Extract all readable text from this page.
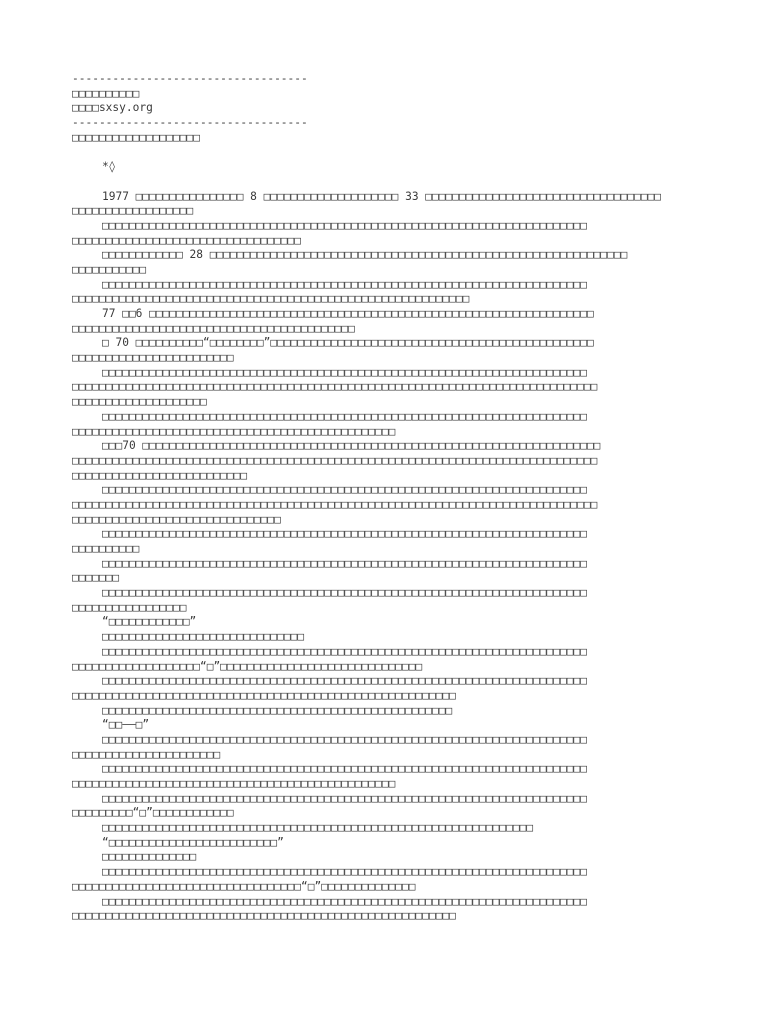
-----------------------------------
□□□□□□□□□□
□□□□sxsy.org
-----------------------------------
□□□□□□□□□□□□□□□□□□□
*◊
1977 □□□□□□□□□□□□□□□□ 8 □□□□□□□□□□□□□□□□□□□□ 33 □□□□□□□□□□□□□□□□□□□□□□□□□□□□□□□□□□□
□□□□□□□□□□□□□□□□□□
□□□□□□□□□□□□□□□□□□□□□□□□□□□□□□□□□□□□□□□□□□□□□□□□□□□□□□□□□□□□□□□□□□□□□□□□
□□□□□□□□□□□□□□□□□□□□□□□□□□□□□□□□□□
□□□□□□□□□□□□ 28 □□□□□□□□□□□□□□□□□□□□□□□□□□□□□□□□□□□□□□□□□□□□□□□□□□□□□□□□□□□□□□
□□□□□□□□□□□
□□□□□□□□□□□□□□□□□□□□□□□□□□□□□□□□□□□□□□□□□□□□□□□□□□□□□□□□□□□□□□□□□□□□□□□□
□□□□□□□□□□□□□□□□□□□□□□□□□□□□□□□□□□□□□□□□□□□□□□□□□□□□□□□□□□□
77 □□6 □□□□□□□□□□□□□□□□□□□□□□□□□□□□□□□□□□□□□□□□□□□□□□□□□□□□□□□□□□□□□□□□□□
□□□□□□□□□□□□□□□□□□□□□□□□□□□□□□□□□□□□□□□□□□
□ 70 □□□□□□□□□□“□□□□□□□□”□□□□□□□□□□□□□□□□□□□□□□□□□□□□□□□□□□□□□□□□□□□□□□□□
□□□□□□□□□□□□□□□□□□□□□□□□
□□□□□□□□□□□□□□□□□□□□□□□□□□□□□□□□□□□□□□□□□□□□□□□□□□□□□□□□□□□□□□□□□□□□□□□□
□□□□□□□□□□□□□□□□□□□□□□□□□□□□□□□□□□□□□□□□□□□□□□□□□□□□□□□□□□□□□□□□□□□□□□□□□□□□□□
□□□□□□□□□□□□□□□□□□□□
□□□□□□□□□□□□□□□□□□□□□□□□□□□□□□□□□□□□□□□□□□□□□□□□□□□□□□□□□□□□□□□□□□□□□□□□
□□□□□□□□□□□□□□□□□□□□□□□□□□□□□□□□□□□□□□□□□□□□□□□□
□□□70 □□□□□□□□□□□□□□□□□□□□□□□□□□□□□□□□□□□□□□□□□□□□□□□□□□□□□□□□□□□□□□□□□□□□
□□□□□□□□□□□□□□□□□□□□□□□□□□□□□□□□□□□□□□□□□□□□□□□□□□□□□□□□□□□□□□□□□□□□□□□□□□□□□□
□□□□□□□□□□□□□□□□□□□□□□□□□□
□□□□□□□□□□□□□□□□□□□□□□□□□□□□□□□□□□□□□□□□□□□□□□□□□□□□□□□□□□□□□□□□□□□□□□□□
□□□□□□□□□□□□□□□□□□□□□□□□□□□□□□□□□□□□□□□□□□□□□□□□□□□□□□□□□□□□□□□□□□□□□□□□□□□□□□
□□□□□□□□□□□□□□□□□□□□□□□□□□□□□□□
□□□□□□□□□□□□□□□□□□□□□□□□□□□□□□□□□□□□□□□□□□□□□□□□□□□□□□□□□□□□□□□□□□□□□□□□
□□□□□□□□□□
□□□□□□□□□□□□□□□□□□□□□□□□□□□□□□□□□□□□□□□□□□□□□□□□□□□□□□□□□□□□□□□□□□□□□□□□
□□□□□□□
□□□□□□□□□□□□□□□□□□□□□□□□□□□□□□□□□□□□□□□□□□□□□□□□□□□□□□□□□□□□□□□□□□□□□□□□
□□□□□□□□□□□□□□□□□
“□□□□□□□□□□□□”
□□□□□□□□□□□□□□□□□□□□□□□□□□□□□□
□□□□□□□□□□□□□□□□□□□□□□□□□□□□□□□□□□□□□□□□□□□□□□□□□□□□□□□□□□□□□□□□□□□□□□□□
□□□□□□□□□□□□□□□□□□□“□”□□□□□□□□□□□□□□□□□□□□□□□□□□□□□□
□□□□□□□□□□□□□□□□□□□□□□□□□□□□□□□□□□□□□□□□□□□□□□□□□□□□□□□□□□□□□□□□□□□□□□□□
□□□□□□□□□□□□□□□□□□□□□□□□□□□□□□□□□□□□□□□□□□□□□□□□□□□□□□□□□
□□□□□□□□□□□□□□□□□□□□□□□□□□□□□□□□□□□□□□□□□□□□□□□□□□□□
“□□——□”
□□□□□□□□□□□□□□□□□□□□□□□□□□□□□□□□□□□□□□□□□□□□□□□□□□□□□□□□□□□□□□□□□□□□□□□□
□□□□□□□□□□□□□□□□□□□□□□
□□□□□□□□□□□□□□□□□□□□□□□□□□□□□□□□□□□□□□□□□□□□□□□□□□□□□□□□□□□□□□□□□□□□□□□□
□□□□□□□□□□□□□□□□□□□□□□□□□□□□□□□□□□□□□□□□□□□□□□□□
□□□□□□□□□□□□□□□□□□□□□□□□□□□□□□□□□□□□□□□□□□□□□□□□□□□□□□□□□□□□□□□□□□□□□□□□
□□□□□□□□□“□”□□□□□□□□□□□□
□□□□□□□□□□□□□□□□□□□□□□□□□□□□□□□□□□□□□□□□□□□□□□□□□□□□□□□□□□□□□□□□
“□□□□□□□□□□□□□□□□□□□□□□□□□”
□□□□□□□□□□□□□□
□□□□□□□□□□□□□□□□□□□□□□□□□□□□□□□□□□□□□□□□□□□□□□□□□□□□□□□□□□□□□□□□□□□□□□□□
□□□□□□□□□□□□□□□□□□□□□□□□□□□□□□□□□□“□”□□□□□□□□□□□□□□
□□□□□□□□□□□□□□□□□□□□□□□□□□□□□□□□□□□□□□□□□□□□□□□□□□□□□□□□□□□□□□□□□□□□□□□□
□□□□□□□□□□□□□□□□□□□□□□□□□□□□□□□□□□□□□□□□□□□□□□□□□□□□□□□□□
